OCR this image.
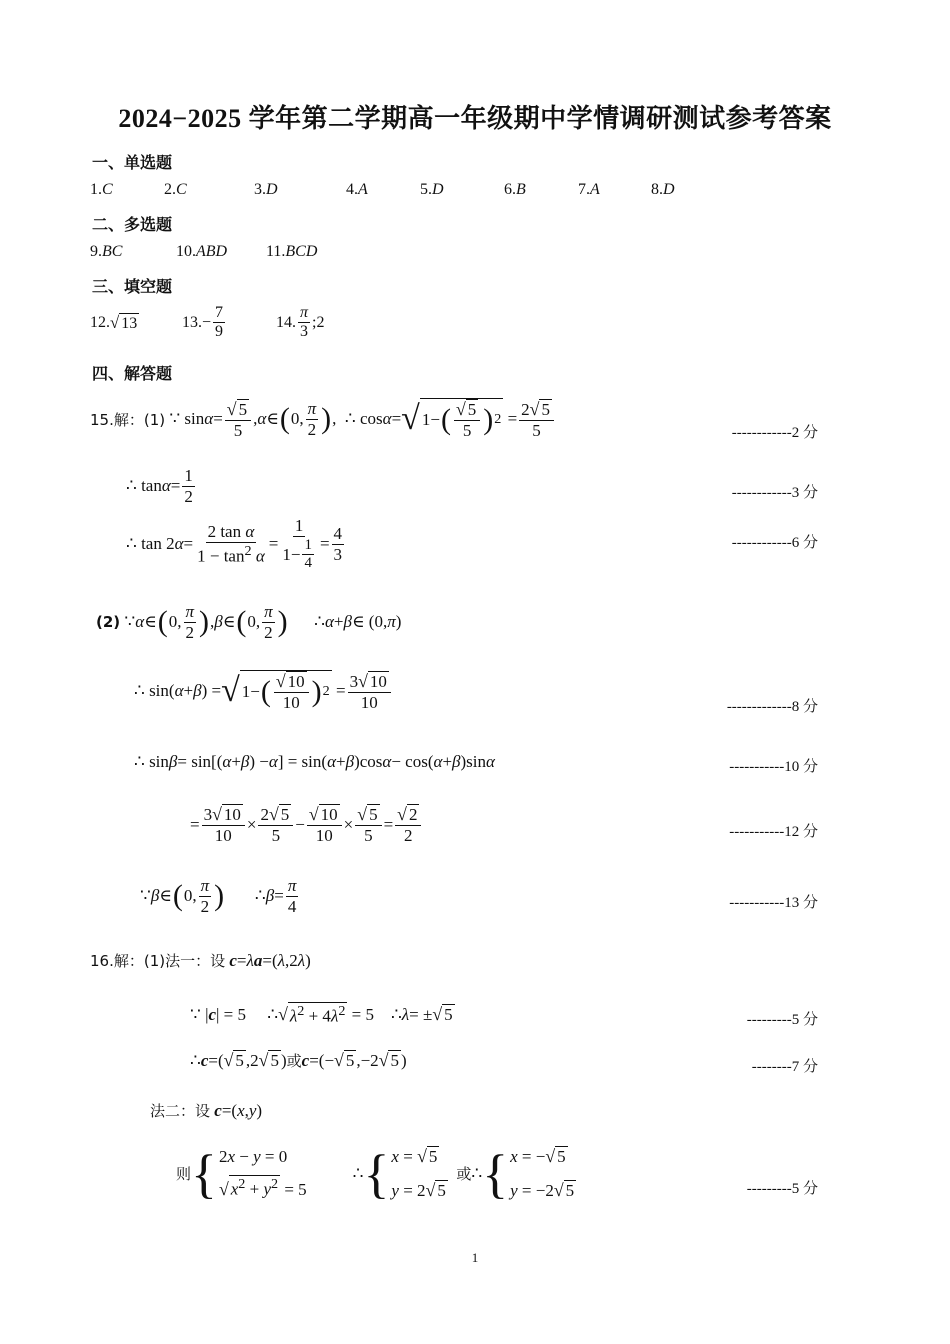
2024−2025 学年第二学期高一年级期中学情调研测试参考答案
一、单选题
1.C	2.C	3.D	4.A	5.D	6.B	7.A	8.D
二、多选题
9.BC	10.ABD	11.BCD
三、填空题
12. √ 13	13. − $\frac{7}{9}$	14. $\frac{\pi}{3}$ ;2
四、解答题
15.解：(1) ∵ $\sin \alpha = \frac{√ 5}{5}$ , α ∈ ( 0, $\frac{\pi}{2}$ ) ,  ∴ cos α = √ 1− ( $\frac{√ 5}{5}$ ) $2 = \frac{2√ 5}{5}$	------------2 分
∴ $\tan \alpha = \frac{1}{2}$	------------3 分
∴ tan 2 $\alpha = \frac{\text{2 tan α}}{1 - \tan^2 \alpha} = \frac{1}{1- \frac{1}{4}} = \frac{4}{3}$	------------6 分
(2) ∵ α ∈ ( 0, $\frac{\pi}{2}$ ) , β ∈ ( 0, $\frac{\pi}{2}$ ) ∴ α + β ∈ (0, π )
∴ sin( α + β ) = √ 1− ( $\frac{√ 10}{10}$ ) $2 = \frac{3√ 10}{10}$	-------------8 分
∴ sin β = sin[( α + β ) − α ] = sin( α + β )cos α − cos( α + β )sin α	-----------10 分
= $\frac{3√ 10}{10} \times \frac{2√ 5}{5} - \frac{√ 10}{10} \times \frac{√ 5}{5} = \frac{√ 2}{2}$	-----------12 分
∵ β ∈ ( 0, $\frac{\pi}{2}$ ) ∴ $\beta = \frac{\pi}{4}$	-----------13 分
16.解：(1)法一：设
c = λ a =( λ ,2 λ )
∵ | c | = 5     ∴ √ $\lambda^2 + 4\lambda^2 = 5$    ∴ λ = ± √ 5	---------5 分
∴ c =( √ 5 ,2 √ 5 ) 或 c =(− √ 5 ,−2 √ 5 )	--------7 分
法二：设
c =( x , y )
则 { 2x − y = 0
√ $x^2 + y^2 = 5$
∴ { x = √ 5
y = 2√ 5

或 ∴ { x = −√ 5
y = −2√ 5	---------5 分
1
